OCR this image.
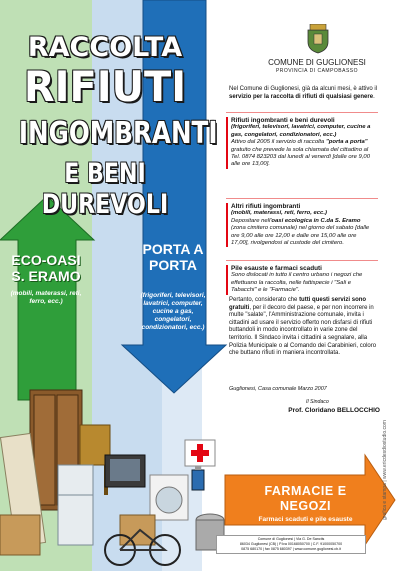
RACCOLTA
RIFIUTI
INGOMBRANTI
E BENI DUREVOLI
ECO-OASI S. ERAMO
(mobili, materassi, reti, ferro, ecc.)
PORTA A PORTA
(frigoriferi, televisori, lavatrici, computer, cucine a gas, congelatori, condizionatori, ecc.)
FARMACIE E NEGOZI
Farmaci scaduti e pile esauste
COMUNE DI GUGLIONESI
PROVINCIA DI CAMPOBASSO
Nel Comune di Guglionesi, già da alcuni mesi, è attivo il servizio per la raccolta di rifiuti di qualsiasi genere.
Rifiuti ingombranti e beni durevoli
(frigoriferi, televisori, lavatrici, computer, cucine a gas, congelatori, condizionatori, ecc.)
Attivo dal 2005 il servizio di raccolta "porta a porta" gratuito che prevede la sola chiamata del cittadino al Tel. 0874 823203 dal lunedì al venerdì [dalle ore 9,00 alle ore 13,00].
Altri rifiuti ingombranti
(mobili, materassi, reti, ferro, ecc.)
Depositare nell'oasi ecologica in C.da S. Eramo (zona cimitero comunale) nel giorno del sabato [dalle ore 9,00 alle ore 12,00 e dalle ore 15,00 alle ore 17,00], rivolgendosi al custode del cimitero.
Pile esauste e farmaci scaduti
Sono dislocati in tutto il centro urbano i negozi che effettuano la raccolta, nelle fattispecie i "Sali e Tabacchi" e le "Farmacie".
Pertanto, considerato che tutti questi servizi sono gratuiti, per il decoro del paese, e per non incorrere in multe "salate", l'Amministrazione comunale, invita i cittadini ad usare il servizio offerto non disfarsi di rifiuti buttandoli in modo incontrollato in varie zone del territorio. Il Sindaco invita i cittadini a segnalare, alla Polizia Municipale o al Comando dei Carabinieri, coloro che buttano rifiuti in maniera incontrollata.
Guglionesi, Casa comunale Marzo 2007
Il Sindaco
Prof. Cloridano BELLOCCHIO
Comune di Guglionesi | Via G. De Sanctis
86034 Guglionesi (CB) | P.Iva 00168050700 | C.F. 91000050700
0875 680170 | fax 0875 680397 | www.comune.guglionesi.cb.it
grafica e stampa | www.ericdesdiostudio.com
